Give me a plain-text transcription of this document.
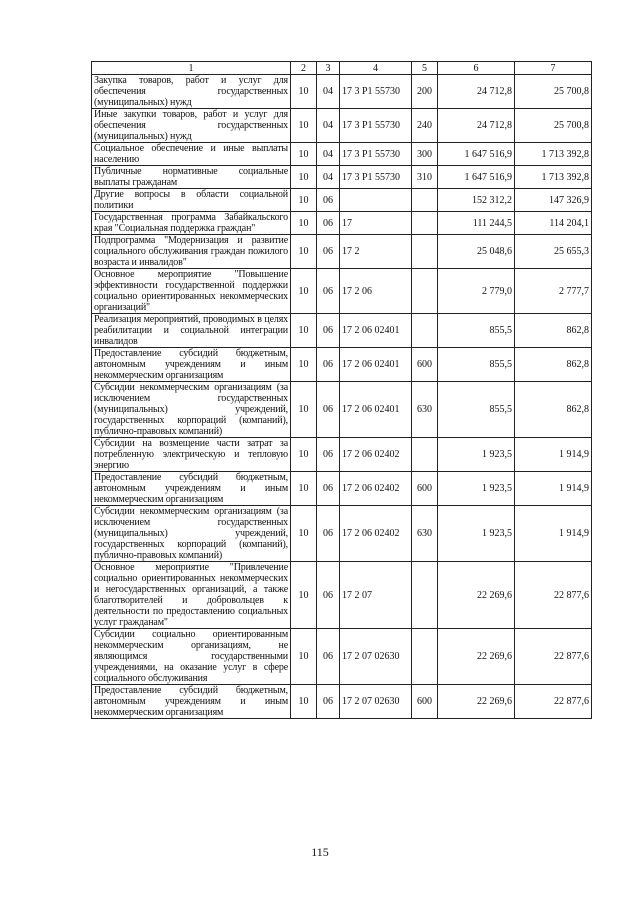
1	2	3	4	5	6	7
Закупка товаров, работ и услуг для обеспечения государственных (муниципальных) нужд	10	04	17 3 P1 55730	200	24 712,8	25 700,8
Иные закупки товаров, работ и услуг для обеспечения государственных (муниципальных) нужд	10	04	17 3 P1 55730	240	24 712,8	25 700,8
Социальное обеспечение и иные выплаты населению	10	04	17 3 P1 55730	300	1 647 516,9	1 713 392,8
Публичные нормативные социальные выплаты гражданам	10	04	17 3 P1 55730	310	1 647 516,9	1 713 392,8
Другие вопросы в области социальной политики	10	06			152 312,2	147 326,9
Государственная программа Забайкальского края "Социальная поддержка граждан"	10	06	17		111 244,5	114 204,1
Подпрограмма "Модернизация и развитие социального обслуживания граждан пожилого возраста и инвалидов"	10	06	17 2		25 048,6	25 655,3
Основное мероприятие "Повышение эффективности государственной поддержки социально ориентированных некоммерческих организаций"	10	06	17 2 06		2 779,0	2 777,7
Реализация мероприятий, проводимых в целях реабилитации и социальной интеграции инвалидов	10	06	17 2 06 02401		855,5	862,8
Предоставление субсидий бюджетным, автономным учреждениям и иным некоммерческим организациям	10	06	17 2 06 02401	600	855,5	862,8
Субсидии некоммерческим организациям (за исключением государственных (муниципальных) учреждений, государственных корпораций (компаний), публично-правовых компаний)	10	06	17 2 06 02401	630	855,5	862,8
Субсидии на возмещение части затрат за потребленную электрическую и тепловую энергию	10	06	17 2 06 02402		1 923,5	1 914,9
Предоставление субсидий бюджетным, автономным учреждениям и иным некоммерческим организациям	10	06	17 2 06 02402	600	1 923,5	1 914,9
Субсидии некоммерческим организациям (за исключением государственных (муниципальных) учреждений, государственных корпораций (компаний), публично-правовых компаний)	10	06	17 2 06 02402	630	1 923,5	1 914,9
Основное мероприятие "Привлечение социально ориентированных некоммерческих и негосударственных организаций, а также благотворителей и добровольцев к деятельности по предоставлению социальных услуг гражданам"	10	06	17 2 07		22 269,6	22 877,6
Субсидии социально ориентированным некоммерческим организациям, не являющимся государственными учреждениями, на оказание услуг в сфере социального обслуживания	10	06	17 2 07 02630		22 269,6	22 877,6
Предоставление субсидий бюджетным, автономным учреждениям и иным некоммерческим организациям	10	06	17 2 07 02630	600	22 269,6	22 877,6
115
